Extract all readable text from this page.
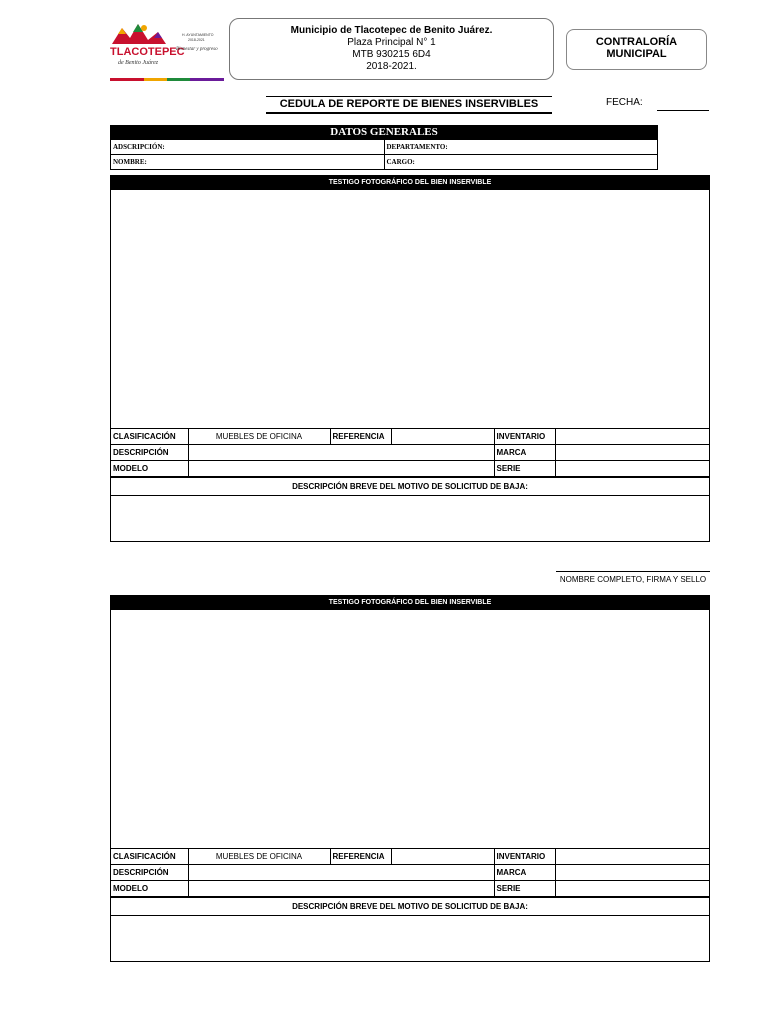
TLACOTEPEC
de Benito Juárez
H. AYUNTAMIENTO
2018-2021
Bienestar y progreso
Municipio de Tlacotepec de Benito Juárez.
Plaza Principal N° 1
MTB 930215 6D4
2018-2021.
CONTRALORÍA
MUNICIPAL
CEDULA DE REPORTE DE BIENES INSERVIBLES	FECHA:
DATOS GENERALES
ADSCRIPCIÓN:	DEPARTAMENTO:
NOMBRE:	CARGO:
TESTIGO FOTOGRÁFICO DEL BIEN INSERVIBLE
CLASIFICACIÓN	MUEBLES DE OFICINA	REFERENCIA		INVENTARIO	
DESCRIPCIÓN				MARCA	
MODELO				SERIE	
DESCRIPCIÓN BREVE DEL MOTIVO DE SOLICITUD DE BAJA:
NOMBRE COMPLETO, FIRMA Y SELLO
TESTIGO FOTOGRÁFICO DEL BIEN INSERVIBLE
CLASIFICACIÓN	MUEBLES DE OFICINA	REFERENCIA		INVENTARIO	
DESCRIPCIÓN				MARCA	
MODELO				SERIE	
DESCRIPCIÓN BREVE DEL MOTIVO DE SOLICITUD DE BAJA:
